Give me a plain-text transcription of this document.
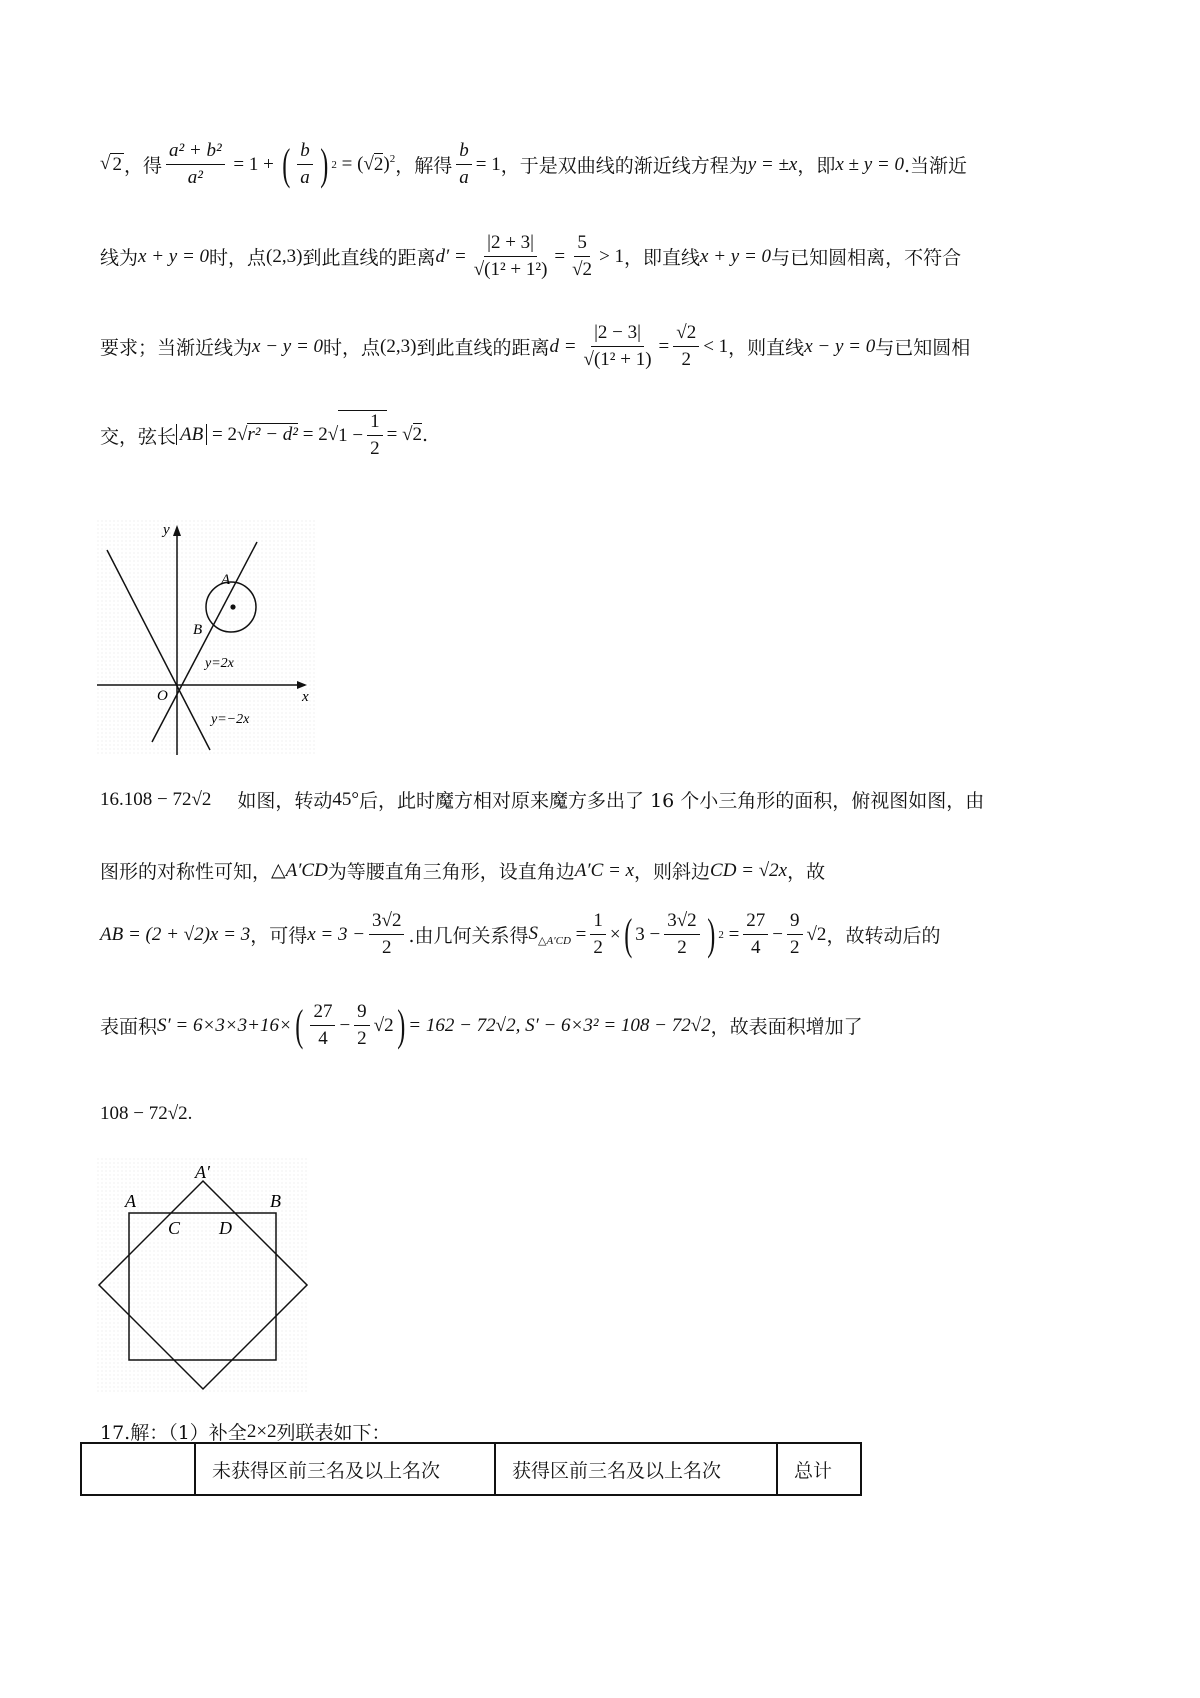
√ 2 ，得 $\frac{\text{a² + b²}}{\text{a²}} = 1$ + ( $\frac{b}{a}$ ) $2 = (√2)^2$ ，解得 $\frac{b}{a} = 1$ ，于是双曲线的渐近线方程为 y = ±x ，即 x ± y = 0 .当渐近
线为 x + y = 0 时，点 (2,3) 到此直线的距离 $d' = \frac{|2 + 3|}{\text{√(1² + 1²)}} = \frac{5}{√2} > 1$ ，即直线 x + y = 0 与已知圆相离，不符合
要求；当渐近线为 x − y = 0 时，点 (2,3) 到此直线的距离 $d = \frac{|2 - 3|}{\text{√(1² + 1)}} = \frac{√2}{2} < 1$ ，则直线 x − y = 0 与已知圆相
交，弦长 AB = 2√r² − d² = 2√ $1 - \frac{1}{2} = √2$ .
y
x
O
A
B
y=2x
y=−2x
16. 108 − 72√2 如图，转动 45° 后，此时魔方相对原来魔方多出了 16 个小三角形的面积，俯视图如图，由
图形的对称性可知， △A′CD 为等腰直角三角形，设直角边 A′C = x ，则斜边 CD = √2x ，故
AB = (2 + √2)x = 3 ，可得 $x = 3 - \frac{3√2}{2}$ .由几何关系得 $S_{\triangle A'CD} = \frac{1}{2}$ × ( $3 - \frac{3√2}{2}$ ) $2 = \frac{27}{4} - \frac{9}{2} √2$ ，故转动后的
表面积 S′ = 6×3×3+16× ( $\frac{27}{4} - \frac{9}{2} √2$ ) = 162 − 72√2, S′ − 6×3² = 108 − 72√2 ，故表面积增加了
108 − 72√2 .
A	B
A′
C D
17.解：（1）补全 2×2 列联表如下：
	未获得区前三名及以上名次	获得区前三名及以上名次	总计
